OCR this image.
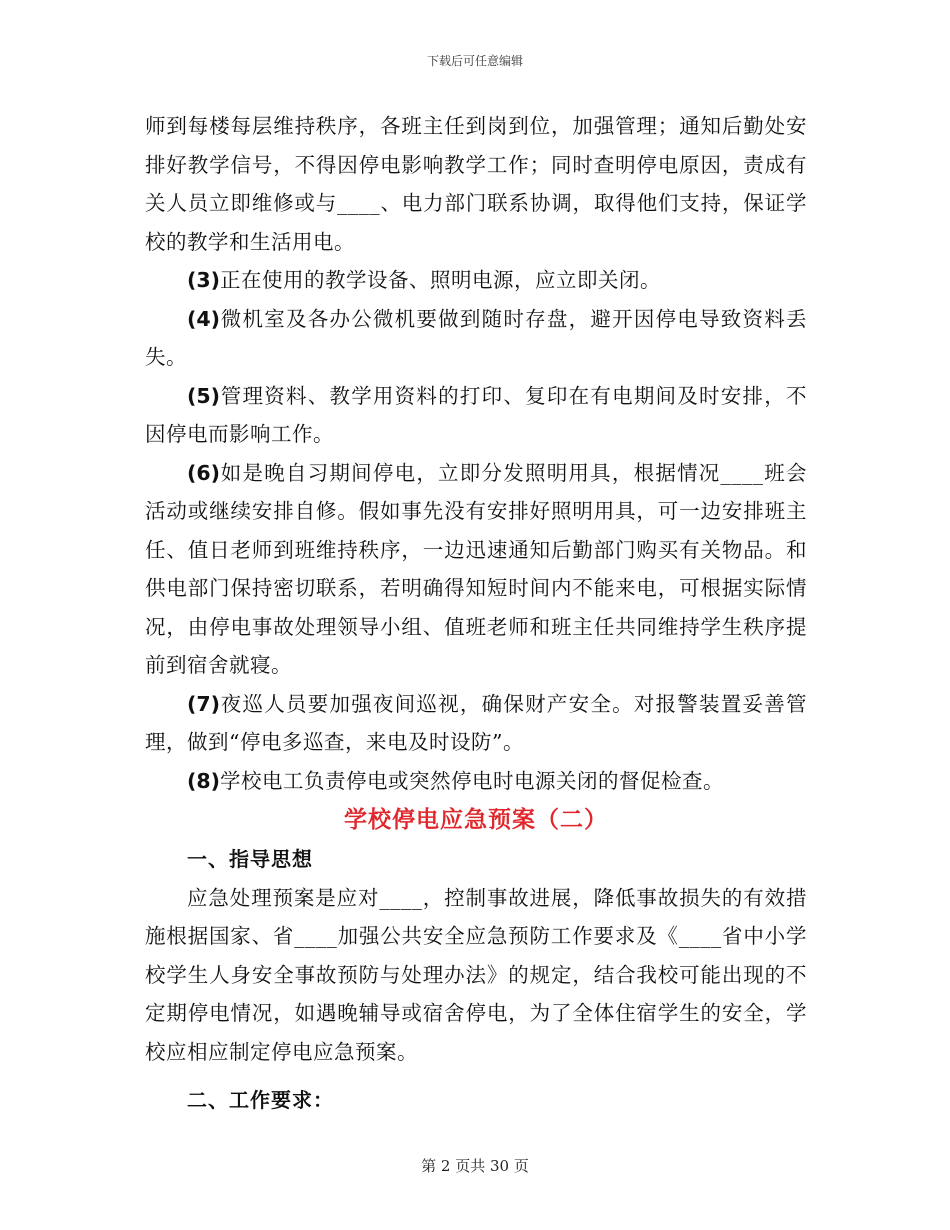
下载后可任意编辑

师到每楼每层维持秩序，各班主任到岗到位，加强管理；通知后勤处安排好教学信号，不得因停电影响教学工作；同时查明停电原因，责成有关人员立即维修或与____、电力部门联系协调，取得他们支持，保证学校的教学和生活用电。

(3)正在使用的教学设备、照明电源，应立即关闭。

(4)微机室及各办公微机要做到随时存盘，避开因停电导致资料丢失。

(5)管理资料、教学用资料的打印、复印在有电期间及时安排，不因停电而影响工作。

(6)如是晚自习期间停电，立即分发照明用具，根据情况____班会活动或继续安排自修。假如事先没有安排好照明用具，可一边安排班主任、值日老师到班维持秩序，一边迅速通知后勤部门购买有关物品。和供电部门保持密切联系，若明确得知短时间内不能来电，可根据实际情况，由停电事故处理领导小组、值班老师和班主任共同维持学生秩序提前到宿舍就寝。

(7)夜巡人员要加强夜间巡视，确保财产安全。对报警装置妥善管理，做到“停电多巡查，来电及时设防”。

(8)学校电工负责停电或突然停电时电源关闭的督促检查。

学校停电应急预案（二）

一、指导思想

应急处理预案是应对____，控制事故进展，降低事故损失的有效措施根据国家、省____加强公共安全应急预防工作要求及《____省中小学校学生人身安全事故预防与处理办法》的规定，结合我校可能出现的不定期停电情况，如遇晚辅导或宿舍停电，为了全体住宿学生的安全，学校应相应制定停电应急预案。

二、工作要求：

第 2 页共 30 页
